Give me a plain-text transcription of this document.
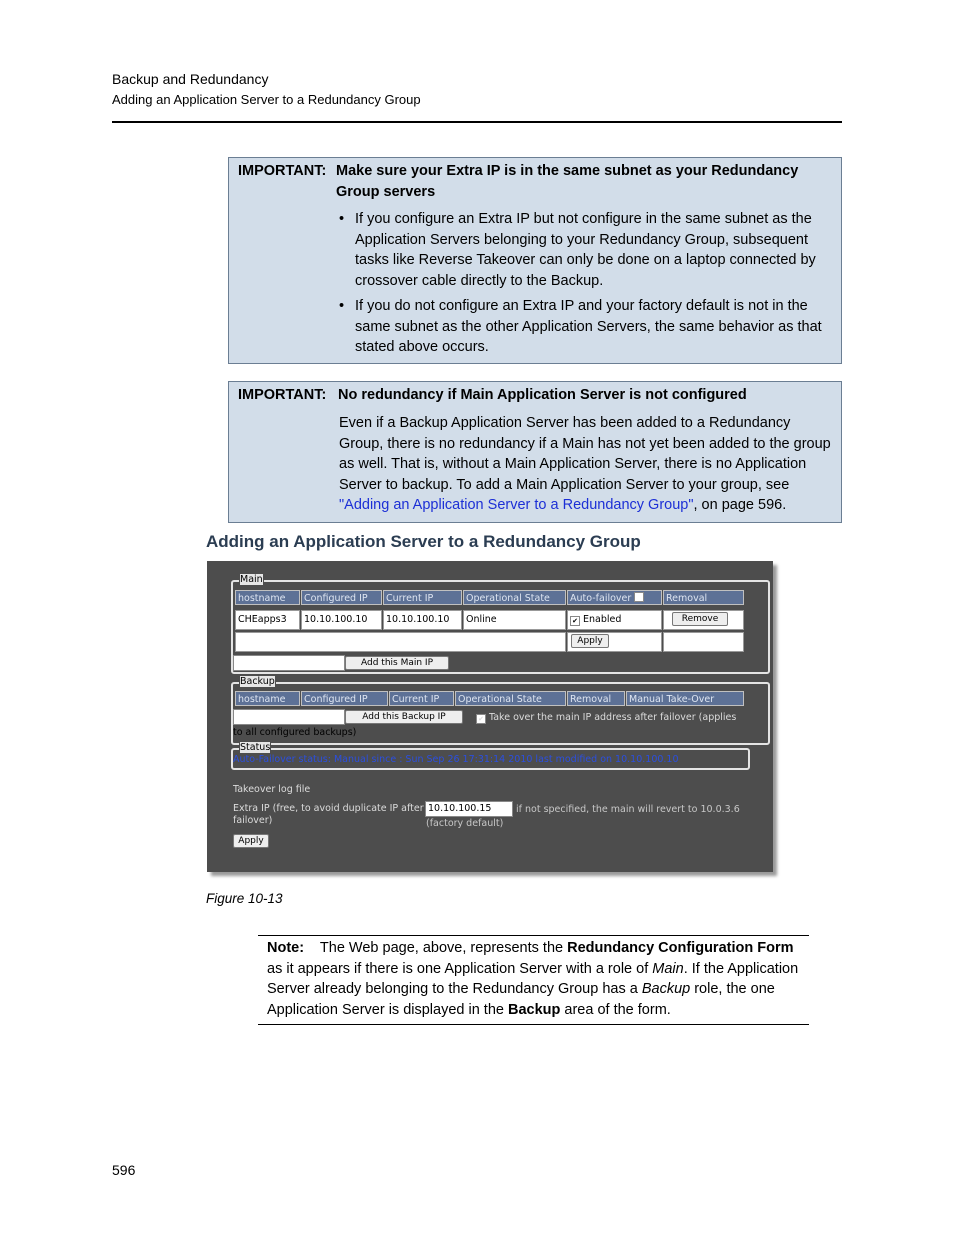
Backup and Redundancy
Adding an Application Server to a Redundancy Group
IMPORTANT: Make sure your Extra IP is in the same subnet as your Redundancy Group servers
• If you configure an Extra IP but not configure in the same subnet as the Application Servers belonging to your Redundancy Group, subsequent tasks like Reverse Takeover can only be done on a laptop connected by crossover cable directly to the Backup.
• If you do not configure an Extra IP and your factory default is not in the same subnet as the other Application Servers, the same behavior as that stated above occurs.
IMPORTANT: No redundancy if Main Application Server is not configured
Even if a Backup Application Server has been added to a Redundancy Group, there is no redundancy if a Main has not yet been added to the group as well. That is, without a Main Application Server, there is no Application Server to backup. To add a Main Application Server to your group, see "Adding an Application Server to a Redundancy Group", on page 596.
Adding an Application Server to a Redundancy Group
Main
hostname	Configured IP	Current IP	Operational State	Auto-failover	Removal
CHEapps3	10.10.100.10	10.10.100.10	Online	✔ Enabled	Remove
Apply
Add this Main IP
Backup
hostname	Configured IP	Current IP	Operational State	Removal	Manual Take-Over
Add this Backup IP	✔ Take over the main IP address after failover (applies
to all configured backups)
Status
Auto-Failover status: Manual since : Sun Sep 26 17:31:14 2010 last modified on 10.10.100.10
Takeover log file
Extra IP (free, to avoid duplicate IP after
failover)
10.10.100.15	if not specified, the main will revert to 10.0.3.6
(factory default)
Apply
Figure 10-13
Note: The Web page, above, represents the Redundancy Configuration Form as it appears if there is one Application Server with a role of Main. If the Application Server already belonging to the Redundancy Group has a Backup role, the one Application Server is displayed in the Backup area of the form.
596
